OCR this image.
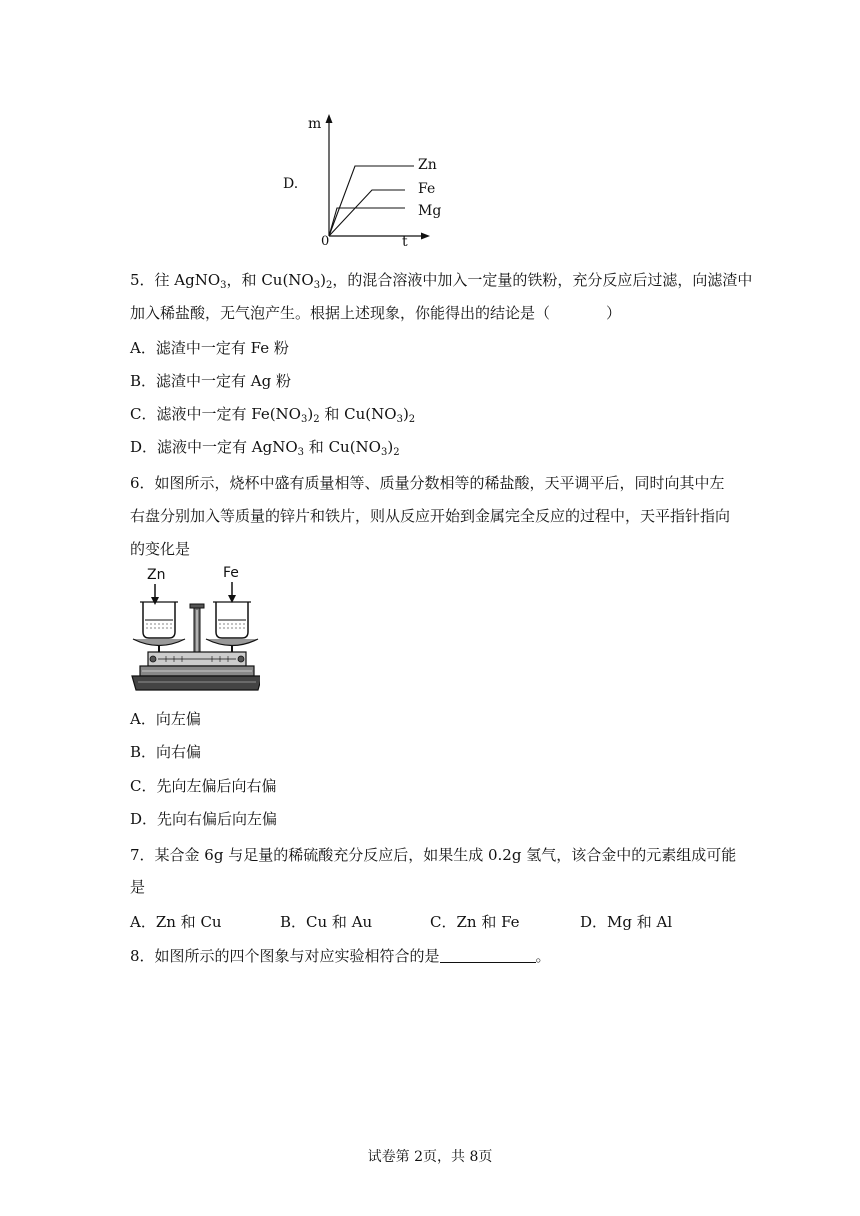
D.
m
t
0
Zn
Fe
Mg
5．往 AgNO$_3$，和 $Cu(NO_3)_2$，的混合溶液中加入一定量的铁粉，充分反应后过滤，向滤渣中
加入稀盐酸，无气泡产生。根据上述现象，你能得出的结论是（	）
A．滤渣中一定有 Fe 粉
B．滤渣中一定有 Ag 粉
C．滤液中一定有 $Fe(NO_3)_2$ 和 $Cu(NO_3)_2$
D．滤液中一定有 AgNO$_3$ 和 $Cu(NO_3)_2$
6．如图所示，烧杯中盛有质量相等、质量分数相等的稀盐酸，天平调平后，同时向其中左
右盘分别加入等质量的锌片和铁片，则从反应开始到金属完全反应的过程中，天平指针指向
的变化是
Zn	Fe
A．向左偏
B．向右偏
C．先向左偏后向右偏
D．先向右偏后向左偏
7．某合金 6g 与足量的稀硫酸充分反应后，如果生成 0.2g 氢气，该合金中的元素组成可能
是
A．Zn 和 Cu	B．Cu 和 Au	C．Zn 和 Fe	D．Mg 和 Al
8．如图所示的四个图象与对应实验相符合的是	。
试卷第 2页，共 8页
